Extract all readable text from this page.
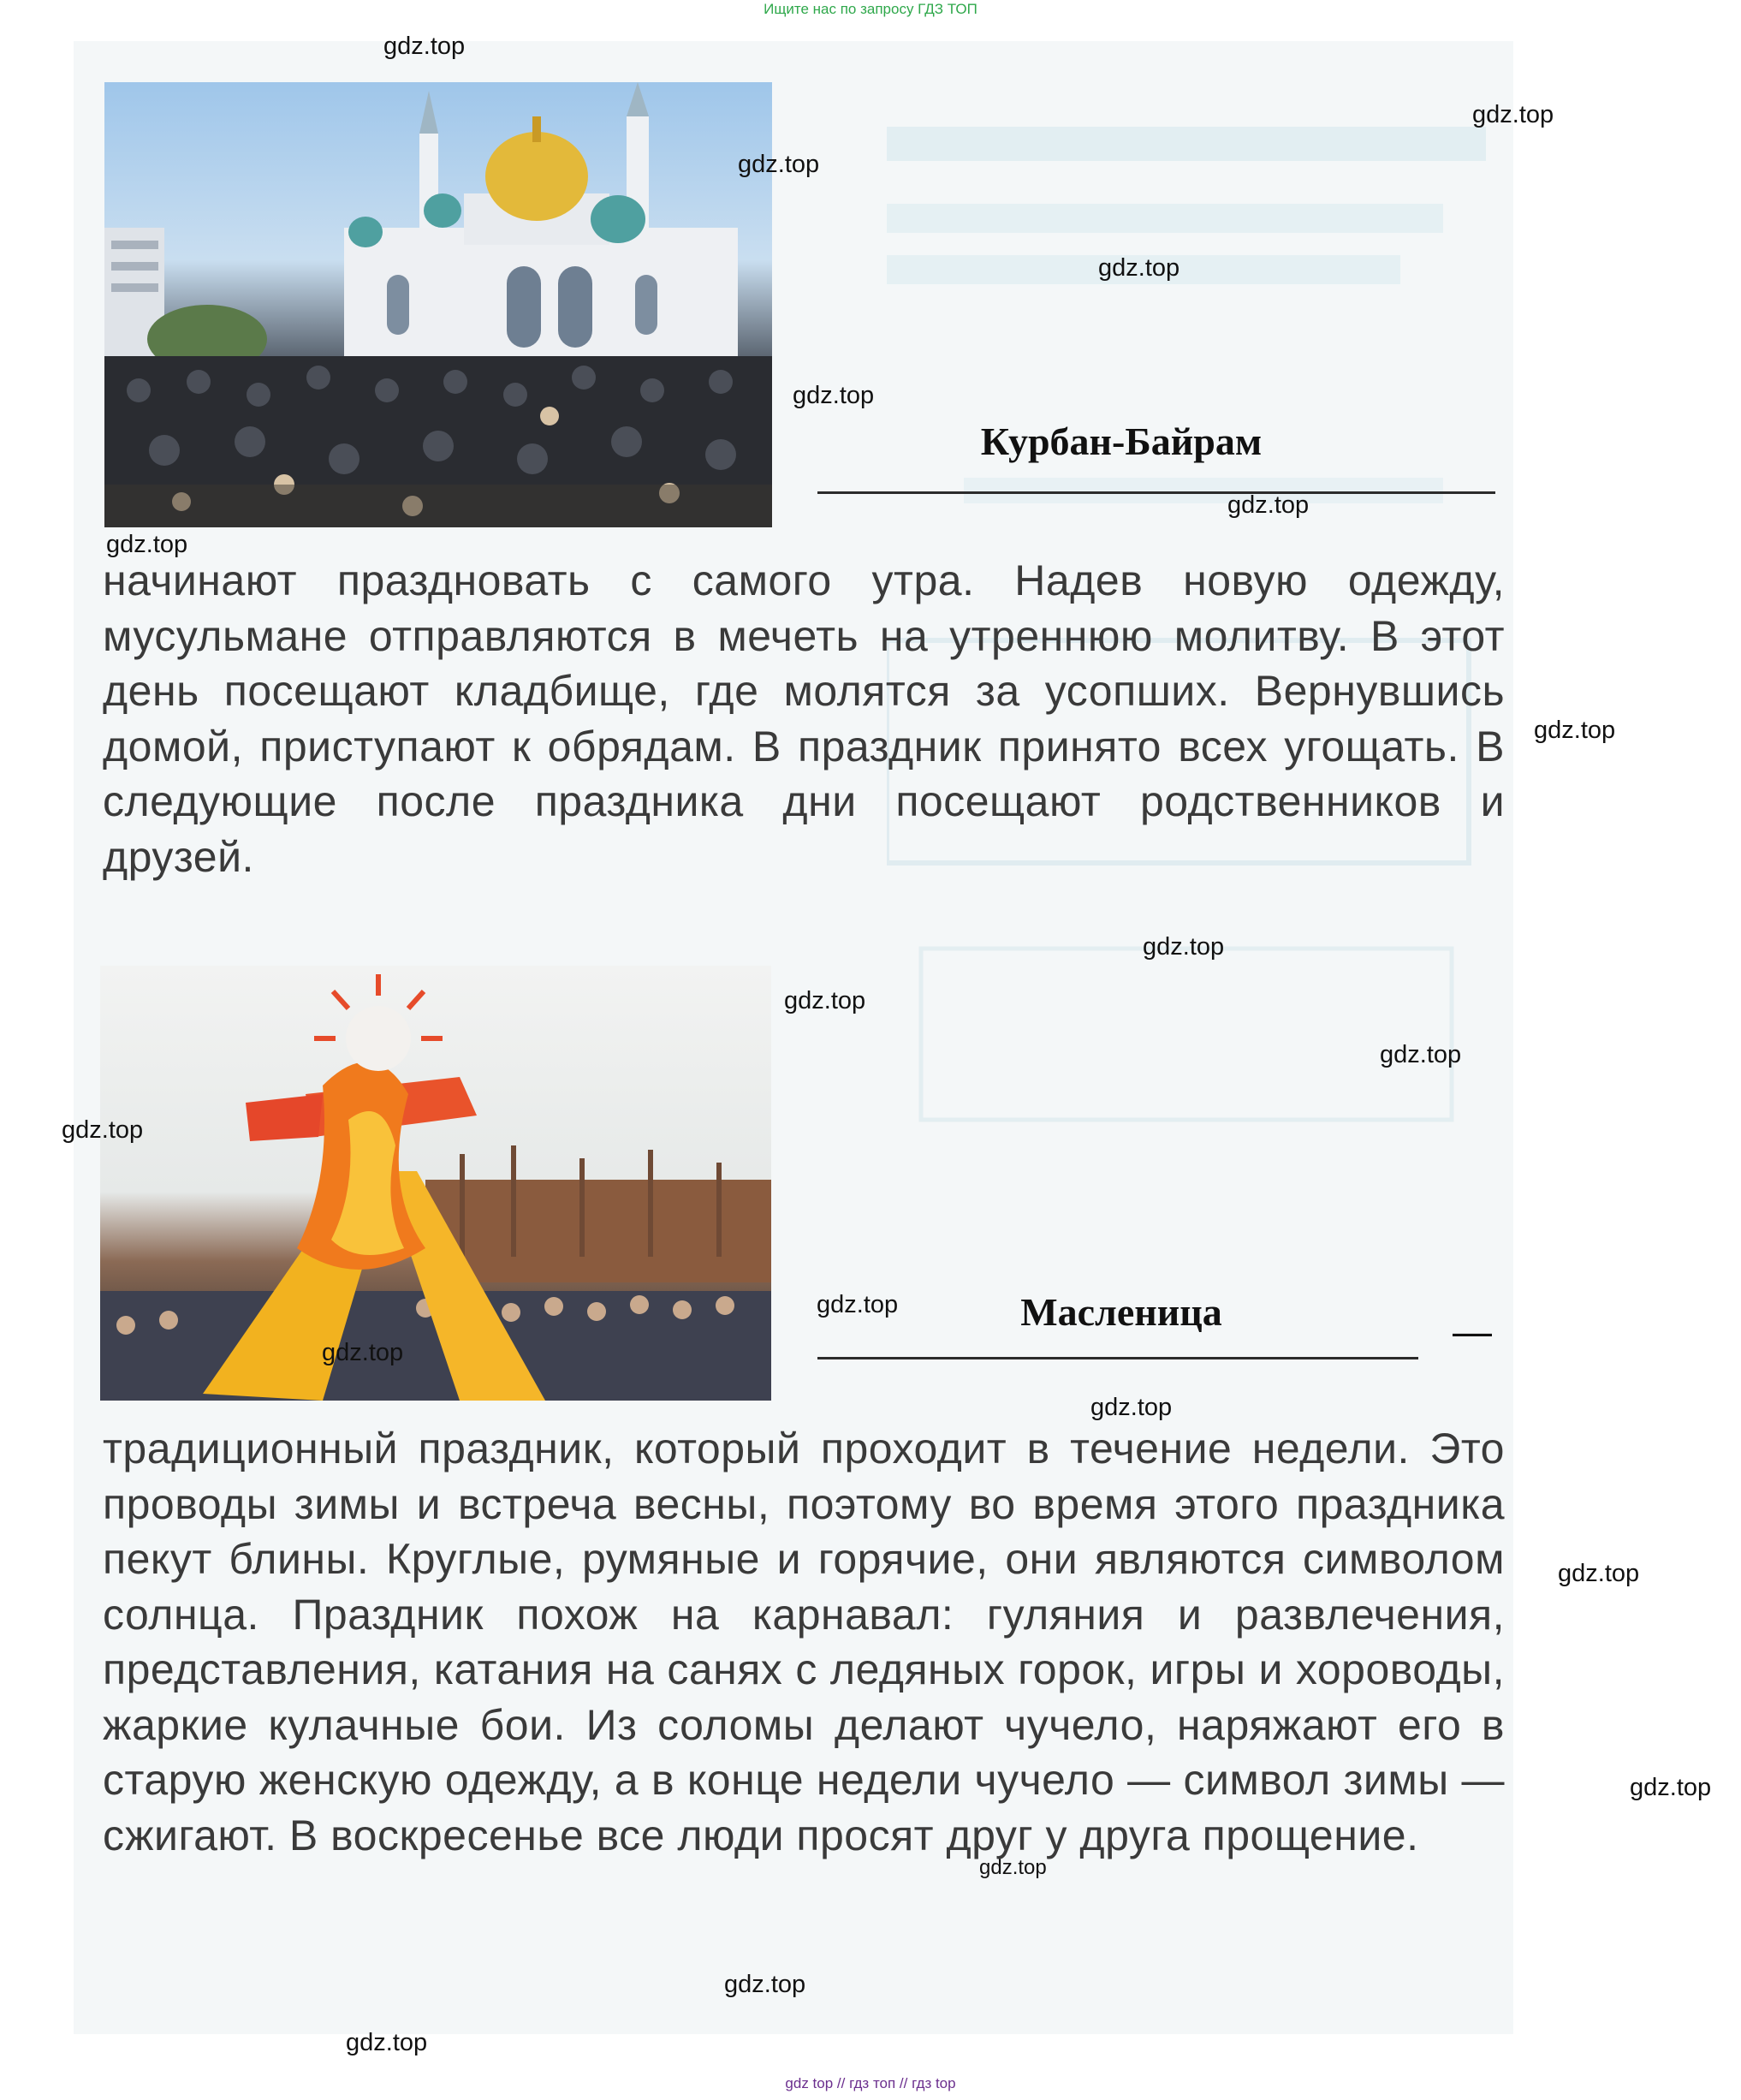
Ищите нас по запросу ГДЗ ТОП
Курбан-Байрам

начинают праздновать с самого утра. Надев новую одежду, мусульмане отправляются в мечеть на утреннюю молитву. В этот день посещают кладбище, где молятся за усопших. Вернувшись домой, приступают к обрядам. В праздник принято всех угощать. В следующие после праздника дни посещают родственников и друзей.

Масленица	—

традиционный праздник, который проходит в течение недели. Это проводы зимы и встреча весны, поэтому во время этого праздника пекут блины. Круглые, румяные и горячие, они являются символом солнца. Праздник похож на карнавал: гуляния и развлечения, представления, катания на санях с ледяных горок, игры и хороводы, жаркие кулачные бои. Из соломы делают чучело, наряжают его в старую женскую одежду, а в конце недели чучело — символ зимы — сжигают. В воскресенье все люди просят друг у друга прощение.

gdz.top
gdz.top
gdz.top
gdz.top
gdz.top
gdz.top
gdz.top
gdz.top
gdz.top
gdz.top
gdz.top
gdz.top
gdz.top
gdz.top
gdz.top
gdz.top
gdz.top
gdz.top
gdz.top
gdz.top
gdz top // гдз топ // гдз top
